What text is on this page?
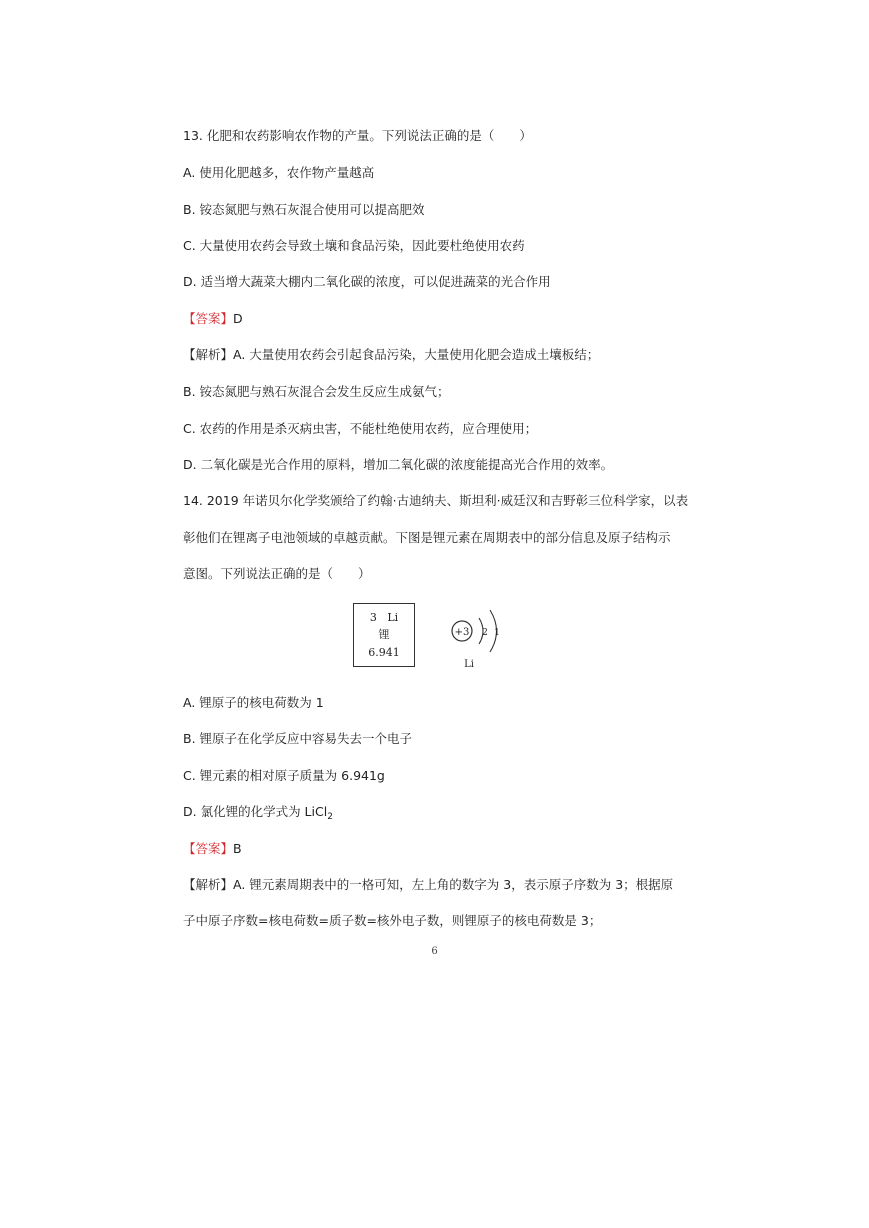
13. 化肥和农药影响农作物的产量。下列说法正确的是（　　）
A. 使用化肥越多，农作物产量越高
B. 铵态氮肥与熟石灰混合使用可以提高肥效
C. 大量使用农药会导致土壤和食品污染，因此要杜绝使用农药
D. 适当增大蔬菜大棚内二氧化碳的浓度，可以促进蔬菜的光合作用
【答案】D
【解析】A. 大量使用农药会引起食品污染，大量使用化肥会造成土壤板结；
B. 铵态氮肥与熟石灰混合会发生反应生成氨气；
C. 农药的作用是杀灭病虫害，不能杜绝使用农药，应合理使用；
D. 二氧化碳是光合作用的原料，增加二氧化碳的浓度能提高光合作用的效率。
14. 2019 年诺贝尔化学奖颁给了约翰·古迪纳夫、斯坦利·威廷汉和吉野彰三位科学家，以表
彰他们在锂离子电池领域的卓越贡献。下图是锂元素在周期表中的部分信息及原子结构示
意图。下列说法正确的是（　　）
3 Li
锂
6.941
+3 2 1
Li
A. 锂原子的核电荷数为 1
B. 锂原子在化学反应中容易失去一个电子
C. 锂元素的相对原子质量为 6.941g
D. 氯化锂的化学式为 LiCl$_2$
【答案】B
【解析】A. 锂元素周期表中的一格可知，左上角的数字为 3，表示原子序数为 3；根据原
子中原子序数=核电荷数=质子数=核外电子数，则锂原子的核电荷数是 3；
6
